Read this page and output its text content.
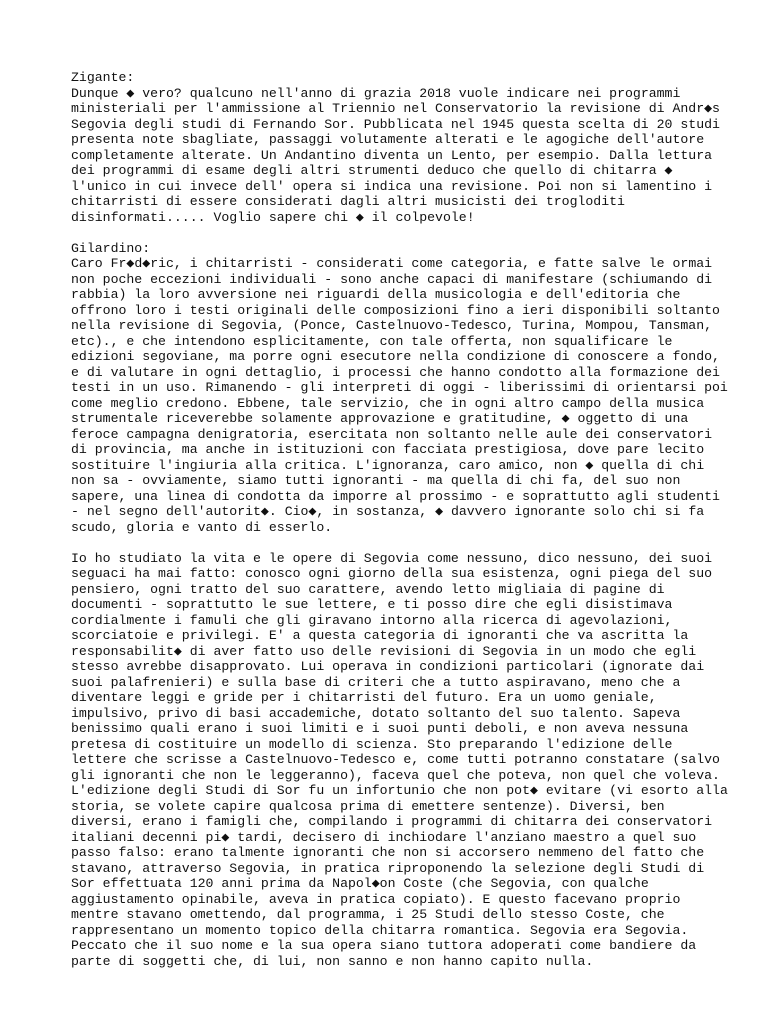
Zigante:
Dunque ◆ vero? qualcuno nell'anno di grazia 2018 vuole indicare nei programmi
ministeriali per l'ammissione al Triennio nel Conservatorio la revisione di Andr◆s
Segovia degli studi di Fernando Sor. Pubblicata nel 1945 questa scelta di 20 studi
presenta note sbagliate, passaggi volutamente alterati e le agogiche dell'autore
completamente alterate. Un Andantino diventa un Lento, per esempio. Dalla lettura
dei programmi di esame degli altri strumenti deduco che quello di chitarra ◆
l'unico in cui invece dell' opera si indica una revisione. Poi non si lamentino i
chitarristi di essere considerati dagli altri musicisti dei trogloditi
disinformati..... Voglio sapere chi ◆ il colpevole!
Gilardino:
Caro Fr◆d◆ric, i chitarristi - considerati come categoria, e fatte salve le ormai
non poche eccezioni individuali - sono anche capaci di manifestare (schiumando di
rabbia) la loro avversione nei riguardi della musicologia e dell'editoria che
offrono loro i testi originali delle composizioni fino a ieri disponibili soltanto
nella revisione di Segovia, (Ponce, Castelnuovo-Tedesco, Turina, Mompou, Tansman,
etc)., e che intendono esplicitamente, con tale offerta, non squalificare le
edizioni segoviane, ma porre ogni esecutore nella condizione di conoscere a fondo,
e di valutare in ogni dettaglio, i processi che hanno condotto alla formazione dei
testi in un uso. Rimanendo - gli interpreti di oggi - liberissimi di orientarsi poi
come meglio credono. Ebbene, tale servizio, che in ogni altro campo della musica
strumentale riceverebbe solamente approvazione e gratitudine, ◆ oggetto di una
feroce campagna denigratoria, esercitata non soltanto nelle aule dei conservatori
di provincia, ma anche in istituzioni con facciata prestigiosa, dove pare lecito
sostituire l'ingiuria alla critica. L'ignoranza, caro amico, non ◆ quella di chi
non sa - ovviamente, siamo tutti ignoranti - ma quella di chi fa, del suo non
sapere, una linea di condotta da imporre al prossimo - e soprattutto agli studenti
- nel segno dell'autorit◆. Cio◆, in sostanza, ◆ davvero ignorante solo chi si fa
scudo, gloria e vanto di esserlo.
Io ho studiato la vita e le opere di Segovia come nessuno, dico nessuno, dei suoi
seguaci ha mai fatto: conosco ogni giorno della sua esistenza, ogni piega del suo
pensiero, ogni tratto del suo carattere, avendo letto migliaia di pagine di
documenti - soprattutto le sue lettere, e ti posso dire che egli disistimava
cordialmente i famuli che gli giravano intorno alla ricerca di agevolazioni,
scorciatoie e privilegi. E' a questa categoria di ignoranti che va ascritta la
responsabilit◆ di aver fatto uso delle revisioni di Segovia in un modo che egli
stesso avrebbe disapprovato. Lui operava in condizioni particolari (ignorate dai
suoi palafrenieri) e sulla base di criteri che a tutto aspiravano, meno che a
diventare leggi e gride per i chitarristi del futuro. Era un uomo geniale,
impulsivo, privo di basi accademiche, dotato soltanto del suo talento. Sapeva
benissimo quali erano i suoi limiti e i suoi punti deboli, e non aveva nessuna
pretesa di costituire un modello di scienza. Sto preparando l'edizione delle
lettere che scrisse a Castelnuovo-Tedesco e, come tutti potranno constatare (salvo
gli ignoranti che non le leggeranno), faceva quel che poteva, non quel che voleva.
L'edizione degli Studi di Sor fu un infortunio che non pot◆ evitare (vi esorto alla
storia, se volete capire qualcosa prima di emettere sentenze). Diversi, ben
diversi, erano i famigli che, compilando i programmi di chitarra dei conservatori
italiani decenni pi◆ tardi, decisero di inchiodare l'anziano maestro a quel suo
passo falso: erano talmente ignoranti che non si accorsero nemmeno del fatto che
stavano, attraverso Segovia, in pratica riproponendo la selezione degli Studi di
Sor effettuata 120 anni prima da Napol◆on Coste (che Segovia, con qualche
aggiustamento opinabile, aveva in pratica copiato). E questo facevano proprio
mentre stavano omettendo, dal programma, i 25 Studi dello stesso Coste, che
rappresentano un momento topico della chitarra romantica. Segovia era Segovia.
Peccato che il suo nome e la sua opera siano tuttora adoperati come bandiere da
parte di soggetti che, di lui, non sanno e non hanno capito nulla.
